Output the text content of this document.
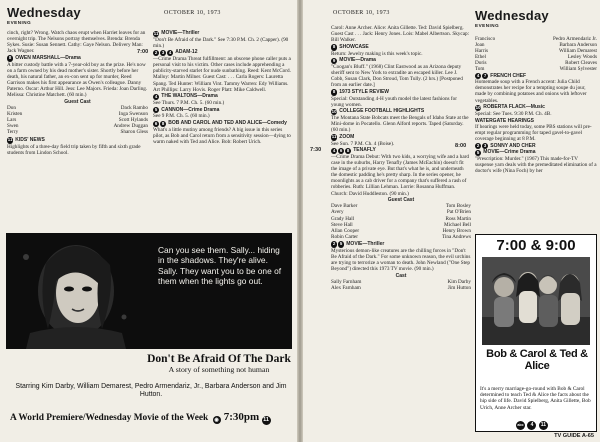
Wednesday
EVENING
OCTOBER 10, 1973

cinch, right? Wrong. Watch chaos erupt when Harriet leaves for an overnight trip. The Nelsons portray themselves. Brenda: Brenda Sykes. Susie: Susan Sennett. Cathy: Gaye Nelson. Delivery Man: Jack Wagner.

8 OWEN MARSHALL—Drama
A bitter custody battle with a 7-year-old boy as the prize. He's now on a farm owned by his dead mother's sister. Shortly before her death, his natural father, an ex-con sent up for murder, Reed Garrison makes his first appearance as Owen's colleague. Danny Paterno. Oscar: Arthur Hill. Jess: Lee Majors. Frieda: Joan Darling. Melissa: Christine Matchett. (60 min.)

Guest Cast
Don	Dack Rambo
Kristen	Inga Swenson
Lars	Scott Hylands
Swen	Andrew Duggan
Terry	Sharon Gless

11 KIDS' NEWS
Highlights of a three-day field trip taken by fifth and sixth grade students from Lindon School.

11 MOVIE—Thriller
"Don't Be Afraid of the Dark." See 7:30 P.M. Ch. 2 (Capper). (90 min.)

7:00 2 3 4 ADAM-12
—Crime Drama Threat fulfillment: an obscene phone caller puts a personal visit to his victim. Other cases include apprehending a publicity-starved starlet for nude sunbathing. Reed: Kent McCord. Malloy: Martin Milner. Guest Cast: . . . Carla Rogers: Lauretta Spang. Ted Hunter: William Vint. Tammy Warren: Edy Williams. Art Phillips: Larry Hovis. Roger Platt: Mike Caldwell.

4 THE WALTONS—Drama
See Thurs. 7 P.M. Ch. 5. (60 min.)

5 CANNON—Crime Drama
See 9 P.M. Ch. 5. (60 min.)

6 8 BOB AND CAROL AND TED AND ALICE—Comedy
What's a little mutiny among friends? A big issue in this series pilot, as Bob and Carol return from a sensitivity session—dying to warm naked with Ted and Alice. Bob: Robert Urich.

Can you see them. Sally... hiding in the shadows. They're alive. Sally. They want you to be one of them when the lights go out.
Don't Be Afraid Of The Dark
A story of something not human
Starring Kim Darby, William Demarest, Pedro Armendariz, Jr., Barbara Anderson and Jim Hutton.
A World Premiere/Wednesday Movie of the Week ◉ 7:30pm 11
OCTOBER 10, 1973	Wednesday
EVENING

Carol: Anne Archer. Alice: Anita Gillette. Ted: David Spielberg. Guest Cast . . . Jack: Henry Jones. Lois: Mabel Albertson. Skycap: Bill Walker.

8 SHOWCASE
Return: Jewelry making is this week's topic.

9 MOVIE—Drama
"Coogan's Bluff." (1968) Clint Eastwood as an Arizona deputy sheriff sent to New York to extradite an escaped killer. Lee J. Cobb, Susan Clark, Don Stroud, Tom Tully. (2 hrs.) [Postponed from an earlier date.]

8 1973 STYLE REVIEW
Special: Outstanding 4-H youth model the latest fashions for young women.

10 COLLEGE FOOTBALL HIGHLIGHTS
The Montana State Bobcats meet the Bengals of Idaho State at the Mini-dome in Pocatello. Glenn Alford reports. Taped (Saturday. (60 min.)

11 ZOOM
See Sun. 7 P.M. Ch. 4 (Boise).

7:30	4 6 8 TENAFLY
—Crime Drama Debut: With two kids, a worrying wife and a hard case in the suburbs, Harry Tenafly (James McEachin) doesn't fit the image of a private eye. But that's what he is, and underneath the domestic padding he's pretty sharp. In the series opener, he moonlights as a cab driver for a company that's suffered a rash of robberies. Ruth: Lillian Lehman. Lorrie: Rosanna Huffman. Church: David Huddleston. (90 min.)

Guest Cast
Dave Barker	Tom Bosley
Avery	Pat O'Brien
Grady Hall	Ross Martin
Steve Hall	Michael Bell
Allan Cooper	Henry Brown
Robin Carter	Tina Andrews

2 5 MOVIE—Thriller
Mysterious demon-like creatures are the chilling forces in "Don't Be Afraid of the Dark." For some unknown reason, the evil urchins are trying to terrorize a woman to death. John Newland ("One Step Beyond") directed this 1973 TV movie. (90 min.)

Cast
Sally Farnham	Kim Darby
Alex Farnham	Jim Hutton
Francisco	Pedro Armendariz Jr.
Joan	Barbara Anderson
Harris	William Demarest
Ethel	Lesley Woods
Doris	Robert Cleaves
Tom	William Sylvester

4 7 FRENCH CHEF
Homemade soup with a French accent: Julia Child demonstrates her recipe for a tempting soupe du jour, made by combining potatoes and onions with leftover vegetables.

10 ROBERTA FLACK—Music
Special: See Tues. 9:30 P.M. Ch. 4B.

WATERGATE HEARINGS
If hearings were held today, some PBS stations will pre-empt regular programming for taped gavel-to-gavel coverage beginning at 8 P.M.

8:00 2 3 SONNY AND CHER
5 MOVIE—Crime Drama
"Prescription: Murder." (1967) This made-for-TV suspense yarn deals with the premeditated elimination of a doctor's wife (Nina Foch) by her

7:00 & 9:00
Bob & Carol & Ted & Alice
It's a merry marriage-go-round with Bob & Carol determined to teach Ted & Alice the facts about the hip side of life. David Spielberg, Anita Gillette, Bob Urich, Anne Archer star.
abc 4 11
TV GUIDE A-65
